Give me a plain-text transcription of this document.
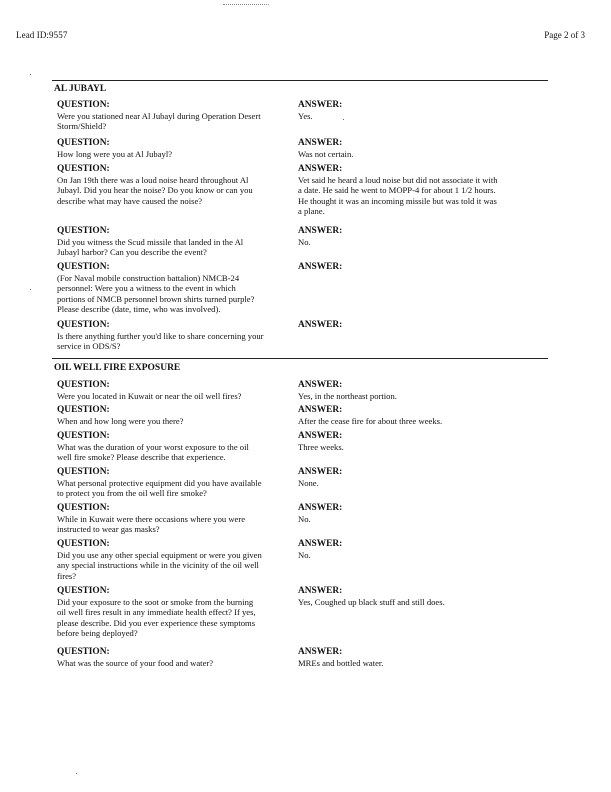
Lead ID:9557	Page 2 of 3
AL JUBAYL
QUESTION:
Were you stationed near Al Jubayl during Operation Desert
Storm/Shield?
ANSWER:
Yes.
QUESTION:
How long were you at Al Jubayl?
ANSWER:
Was not certain.
QUESTION:
On Jan 19th there was a loud noise heard throughout Al
Jubayl. Did you hear the noise? Do you know or can you
describe what may have caused the noise?
ANSWER:
Vet said he heard a loud noise but did not associate it with
a date. He said he went to MOPP-4 for about 1 1/2 hours.
He thought it was an incoming missile but was told it was
a plane.
QUESTION:
Did you witness the Scud missile that landed in the Al
Jubayl harbor? Can you describe the event?
ANSWER:
No.
QUESTION:
(For Naval mobile construction battalion) NMCB-24
personnel: Were you a witness to the event in which
portions of NMCB personnel brown shirts turned purple?
Please describe (date, time, who was involved).
ANSWER:
QUESTION:
Is there anything further you'd like to share concerning your
service in ODS/S?
ANSWER:
OIL WELL FIRE EXPOSURE
QUESTION:
Were you located in Kuwait or near the oil well fires?
ANSWER:
Yes, in the northeast portion.
QUESTION:
When and how long were you there?
ANSWER:
After the cease fire for about three weeks.
QUESTION:
What was the duration of your worst exposure to the oil
well fire smoke? Please describe that experience.
ANSWER:
Three weeks.
QUESTION:
What personal protective equipment did you have available
to protect you from the oil well fire smoke?
ANSWER:
None.
QUESTION:
While in Kuwait were there occasions where you were
instructed to wear gas masks?
ANSWER:
No.
QUESTION:
Did you use any other special equipment or were you given
any special instructions while in the vicinity of the oil well
fires?
ANSWER:
No.
QUESTION:
Did your exposure to the soot or smoke from the burning
oil well fires result in any immediate health effect? If yes,
please describe. Did you ever experience these symptoms
before being deployed?
ANSWER:
Yes, Coughed up black stuff and still does.
QUESTION:
What was the source of your food and water?
ANSWER:
MREs and bottled water.
